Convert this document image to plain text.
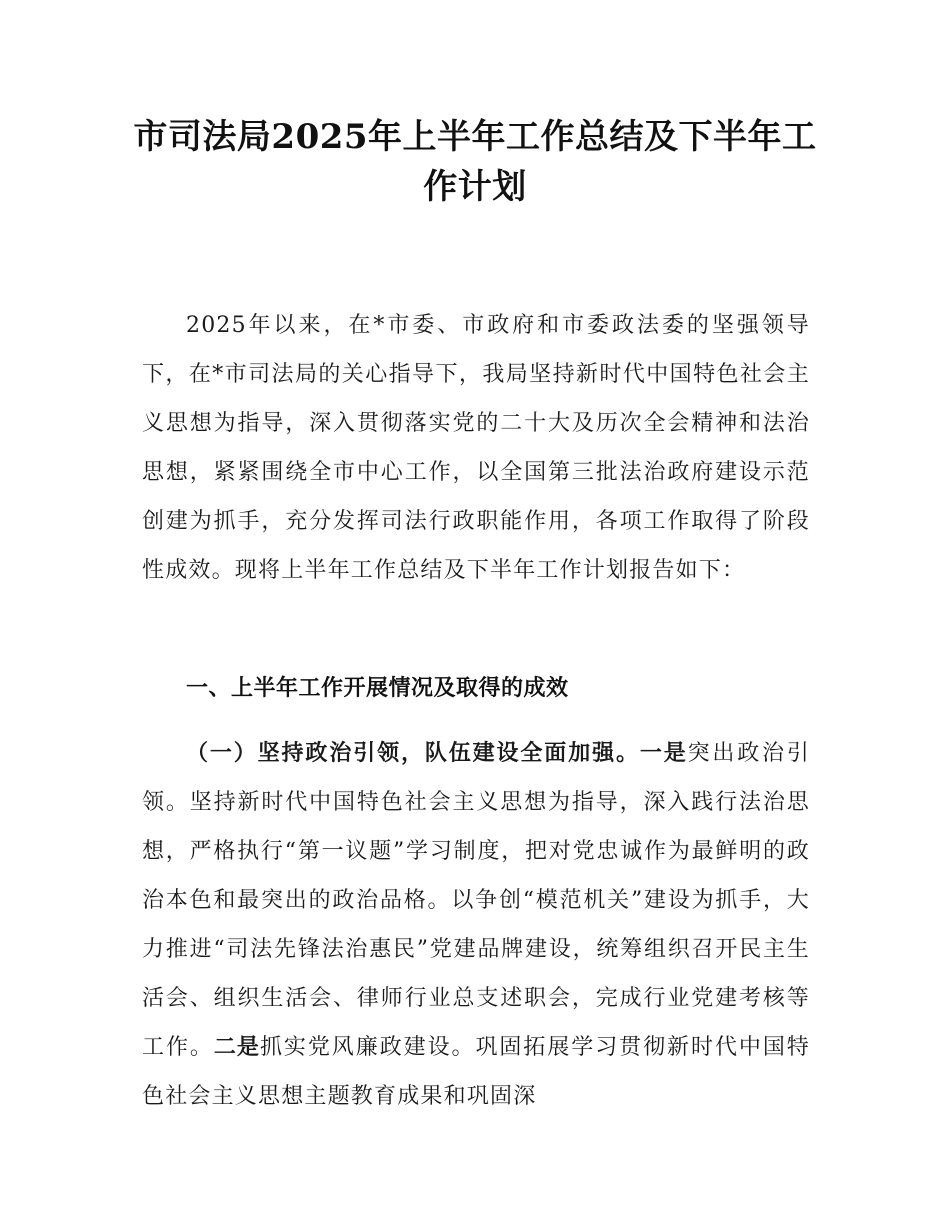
市司法局2025年上半年工作总结及下半年工作计划

2025年以来，在*市委、市政府和市委政法委的坚强领导下，在*市司法局的关心指导下，我局坚持新时代中国特色社会主义思想为指导，深入贯彻落实党的二十大及历次全会精神和法治思想，紧紧围绕全市中心工作，以全国第三批法治政府建设示范创建为抓手，充分发挥司法行政职能作用，各项工作取得了阶段性成效。现将上半年工作总结及下半年工作计划报告如下：

一、上半年工作开展情况及取得的成效

（一）坚持政治引领，队伍建设全面加强。一是突出政治引领。坚持新时代中国特色社会主义思想为指导，深入践行法治思想，严格执行“第一议题”学习制度，把对党忠诚作为最鲜明的政治本色和最突出的政治品格。以争创“模范机关”建设为抓手，大力推进“司法先锋法治惠民”党建品牌建设，统筹组织召开民主生活会、组织生活会、律师行业总支述职会，完成行业党建考核等工作。二是抓实党风廉政建设。巩固拓展学习贯彻新时代中国特色社会主义思想主题教育成果和巩固深
